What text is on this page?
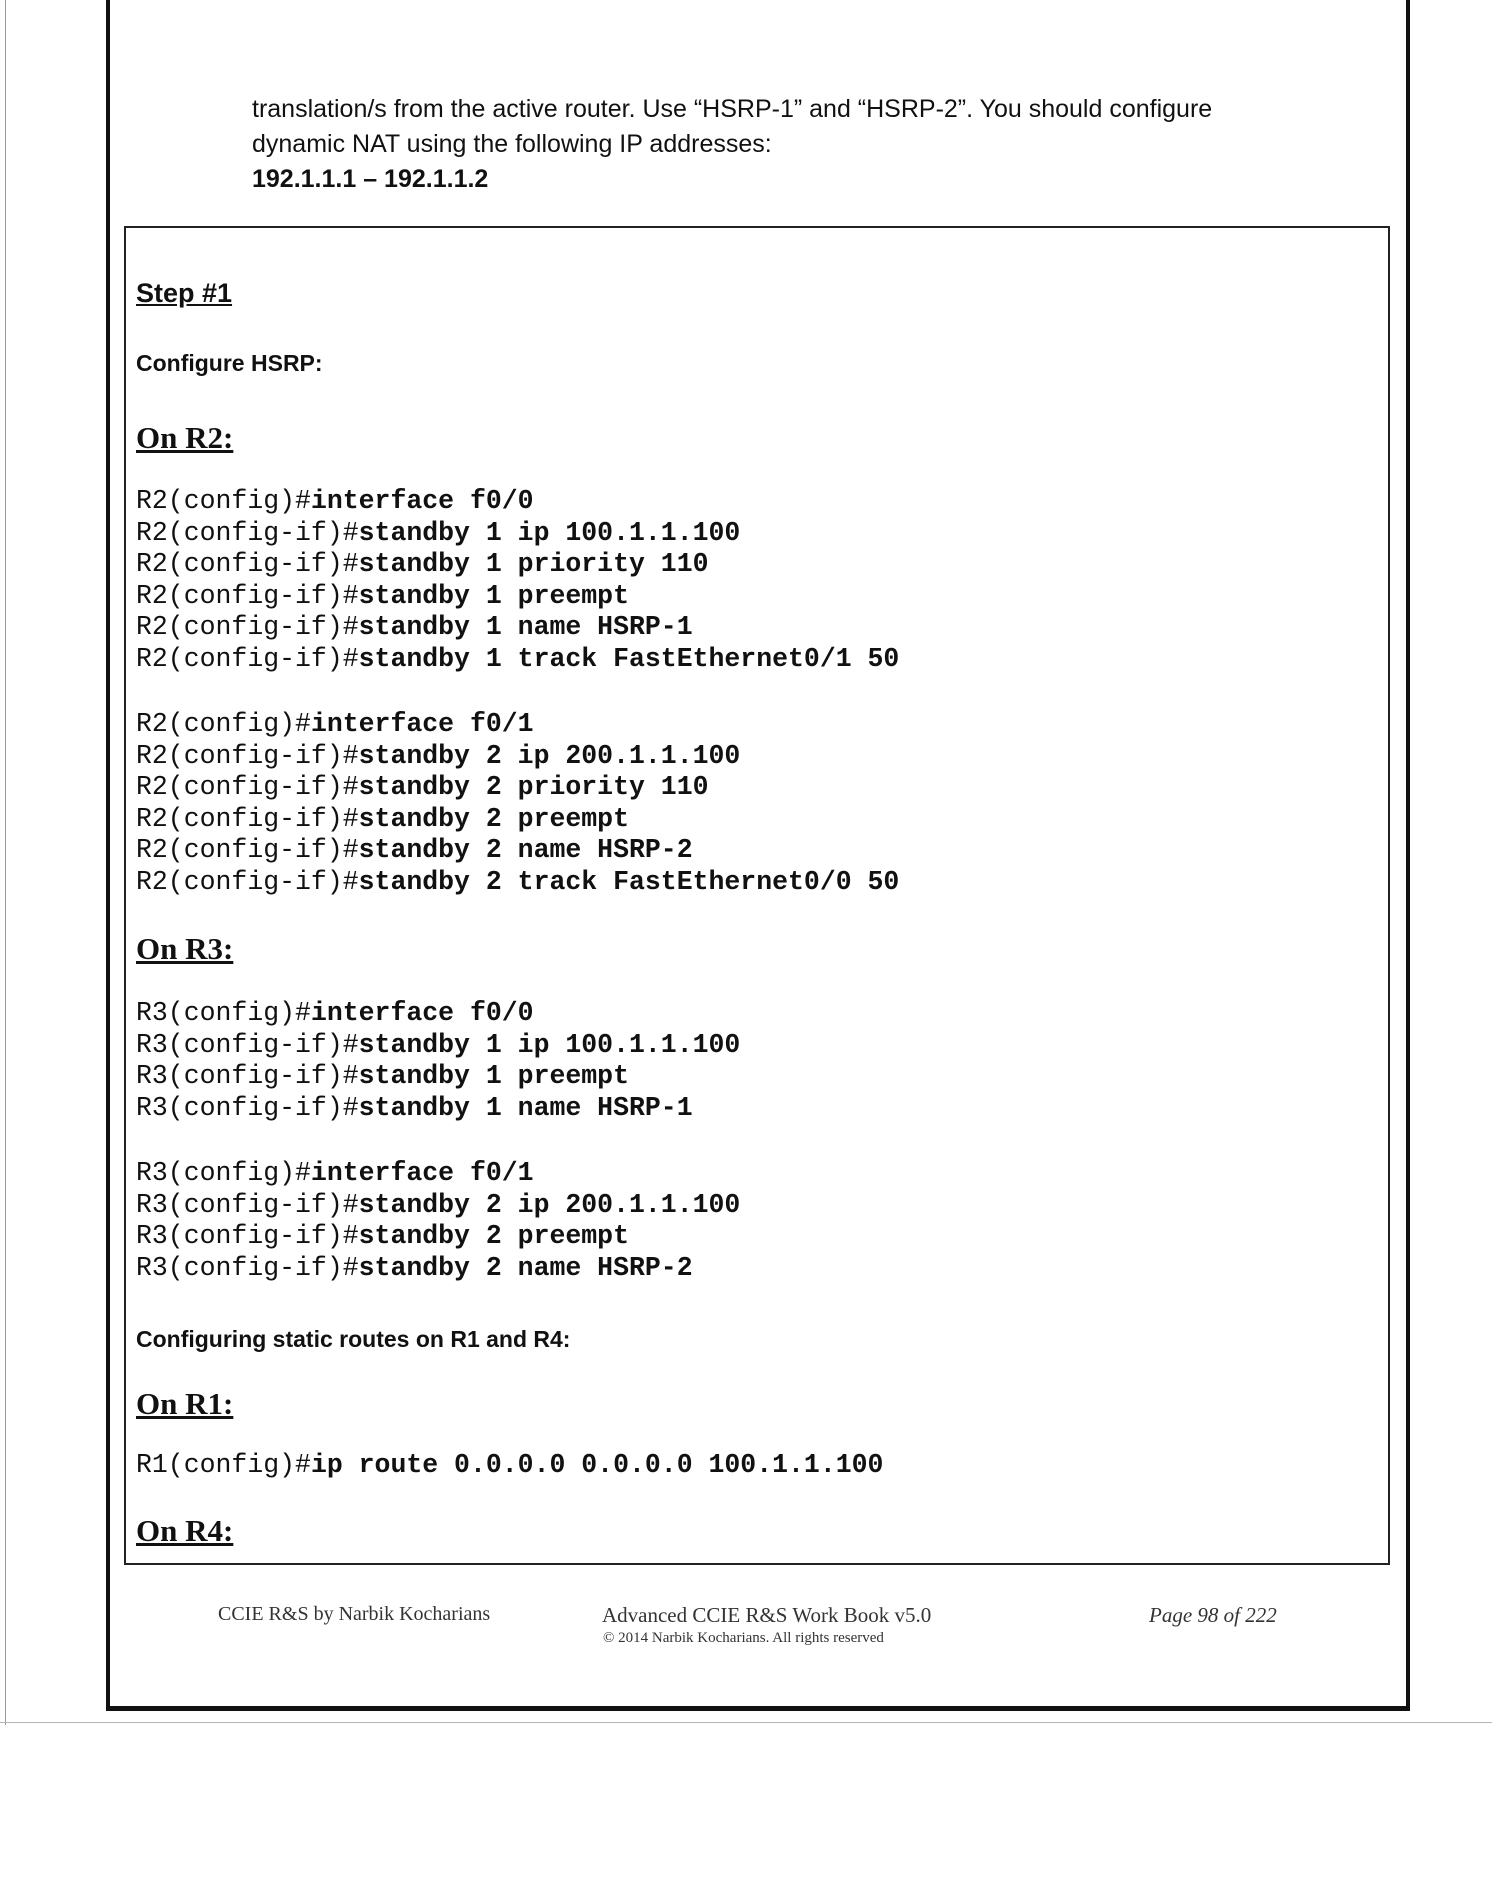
translation/s from the active router. Use “HSRP-1” and “HSRP-2”. You should configure

dynamic NAT using the following IP addresses:

192.1.1.1 – 192.1.1.2

Step #1

Configure HSRP:

On R2:
R2(config)#interface f0/0
R2(config-if)#standby 1 ip 100.1.1.100
R2(config-if)#standby 1 priority 110
R2(config-if)#standby 1 preempt
R2(config-if)#standby 1 name HSRP-1
R2(config-if)#standby 1 track FastEthernet0/1 50
R2(config)#interface f0/1
R2(config-if)#standby 2 ip 200.1.1.100
R2(config-if)#standby 2 priority 110
R2(config-if)#standby 2 preempt
R2(config-if)#standby 2 name HSRP-2
R2(config-if)#standby 2 track FastEthernet0/0 50
On R3:
R3(config)#interface f0/0
R3(config-if)#standby 1 ip 100.1.1.100
R3(config-if)#standby 1 preempt
R3(config-if)#standby 1 name HSRP-1
R3(config)#interface f0/1
R3(config-if)#standby 2 ip 200.1.1.100
R3(config-if)#standby 2 preempt
R3(config-if)#standby 2 name HSRP-2

Configuring static routes on R1 and R4:

On R1:
R1(config)#ip route 0.0.0.0 0.0.0.0 100.1.1.100
On R4:
CCIE R&S by Narbik Kocharians	Advanced CCIE R&S Work Book v5.0
© 2014 Narbik Kocharians. All rights reserved
Page 98 of 222
